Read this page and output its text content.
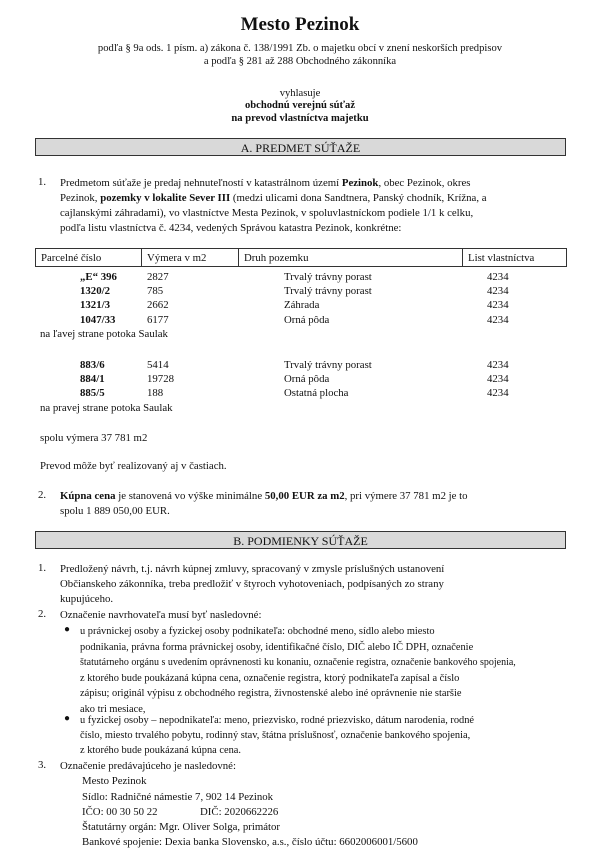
Mesto Pezinok
podľa § 9a ods. 1 písm. a) zákona č. 138/1991 Zb. o majetku obcí v znení neskorších predpisov
a podľa § 281 až 288 Obchodného zákonníka
vyhlasuje
obchodnú verejnú súťaž
na prevod vlastníctva majetku
A. PREDMET SÚŤAŽE
1. Predmetom súťaže je predaj nehnuteľností v katastrálnom území Pezinok, obec Pezinok, okres
Pezinok, pozemky v lokalite Sever III (medzi ulicami dona Sandtnera, Panský chodník, Krížna, a
cajlanskými záhradami), vo vlastníctve Mesta Pezinok, v spoluvlastníckom podiele 1/1 k celku,
podľa listu vlastníctva č. 4234, vedených Správou katastra Pezinok, konkrétne:
Parcelné číslo	Výmera v m2	Druh pozemku	List vlastníctva
„E“ 396	2827	Trvalý trávny porast	4234
1320/2	785	Trvalý trávny porast	4234
1321/3	2662	Záhrada	4234
1047/33	6177	Orná pôda	4234
na ľavej strane potoka Saulak
883/6	5414	Trvalý trávny porast	4234
884/1	19728	Orná pôda	4234
885/5	188	Ostatná plocha	4234
na pravej strane potoka Saulak
spolu výmera 37 781 m2
Prevod môže byť realizovaný aj v častiach.
2. Kúpna cena je stanovená vo výške minimálne 50,00 EUR za m2, pri výmere 37 781 m2 je to
spolu 1 889 050,00 EUR.
B. PODMIENKY SÚŤAŽE
1. Predložený návrh, t.j. návrh kúpnej zmluvy, spracovaný v zmysle príslušných ustanovení
Občianskeho zákonníka, treba predložiť v štyroch vyhotoveniach, podpísaných zo strany
kupujúceho.
2. Označenie navrhovateľa musí byť nasledovné:
● u právnickej osoby a fyzickej osoby podnikateľa: obchodné meno, sídlo alebo miesto
podnikania, právna forma právnickej osoby, identifikačné číslo, DIČ alebo IČ DPH, označenie
štatutárneho orgánu s uvedením oprávnenosti ku konaniu, označenie registra, označenie bankového spojenia,
z ktorého bude poukázaná kúpna cena, označenie registra, ktorý podnikateľa zapísal a číslo
zápisu; originál výpisu z obchodného registra, živnostenské alebo iné oprávnenie nie staršie
ako tri mesiace,
● u fyzickej osoby – nepodnikateľa: meno, priezvisko, rodné priezvisko, dátum narodenia, rodné
číslo, miesto trvalého pobytu, rodinný stav, štátna príslušnosť, označenie bankového spojenia,
z ktorého bude poukázaná kúpna cena.
3. Označenie predávajúceho je nasledovné:
Mesto Pezinok
Sídlo: Radničné námestie 7, 902 14 Pezinok
IČO: 00 30 50 22	DIČ: 2020662226
Štatutárny orgán: Mgr. Oliver Solga, primátor
Bankové spojenie: Dexia banka Slovensko, a.s., číslo účtu: 6602006001/5600
